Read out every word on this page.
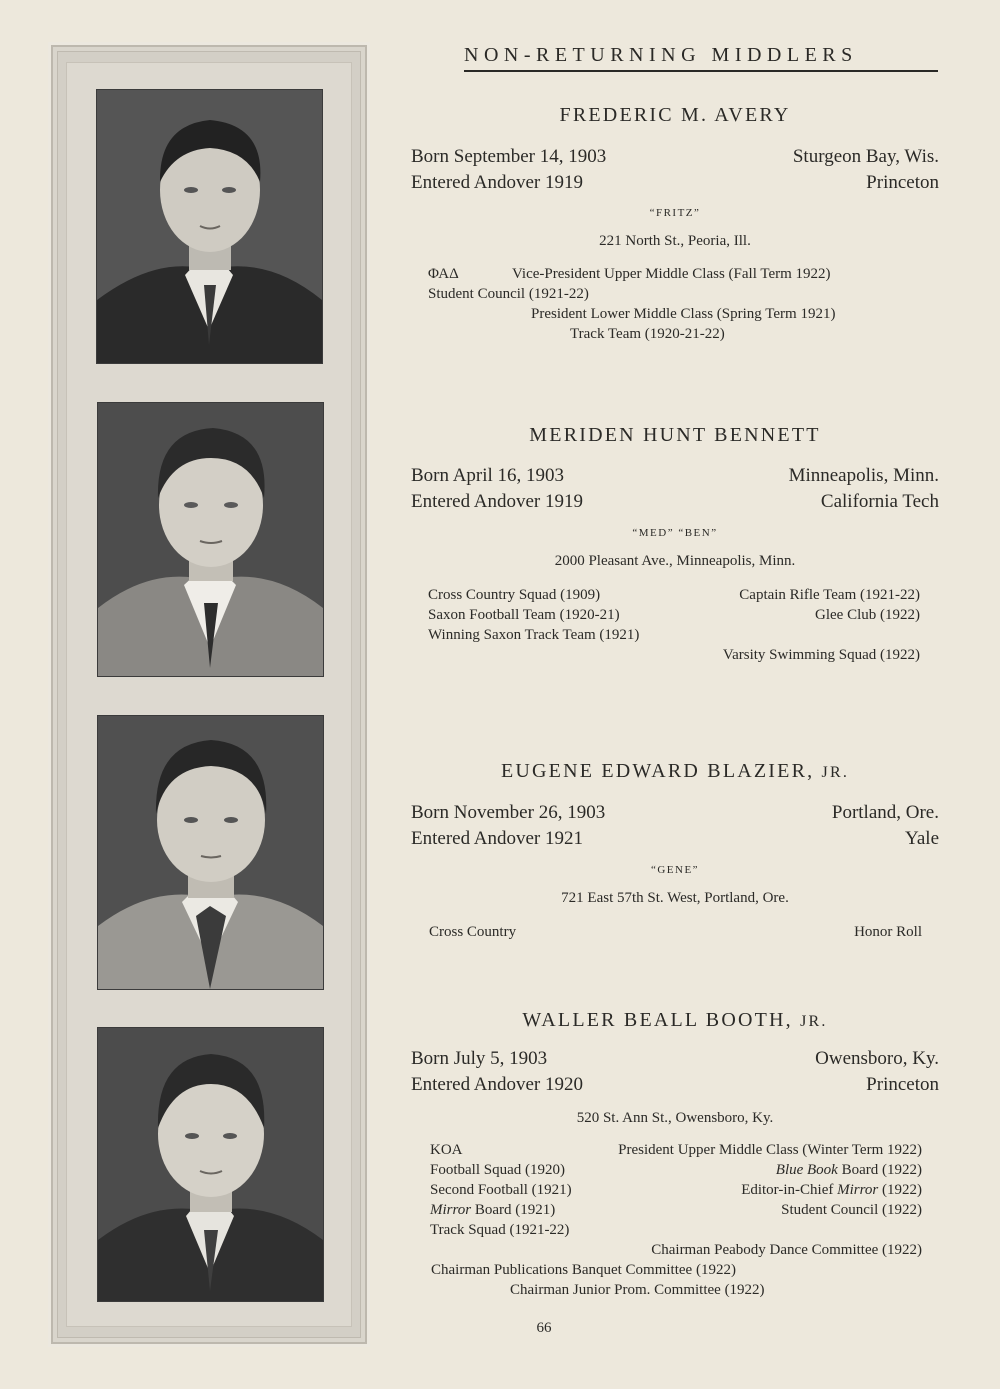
NON-RETURNING MIDDLERS
FREDERIC M. AVERY
Born September 14, 1903	Sturgeon Bay, Wis.
Entered Andover 1919	Princeton
“FRITZ”
221 North St., Peoria, Ill.
ΦΑΔ	Vice-President Upper Middle Class (Fall Term 1922)
Student Council (1921-22)
President Lower Middle Class (Spring Term 1921)
Track Team (1920-21-22)
MERIDEN HUNT BENNETT
Born April 16, 1903	Minneapolis, Minn.
Entered Andover 1919	California Tech
“MED” “BEN”
2000 Pleasant Ave., Minneapolis, Minn.
Cross Country Squad (1909)	Captain Rifle Team (1921-22)
Saxon Football Team (1920-21)	Glee Club (1922)
Winning Saxon Track Team (1921)
Varsity Swimming Squad (1922)
EUGENE EDWARD BLAZIER, JR.
Born November 26, 1903	Portland, Ore.
Entered Andover 1921	Yale
“GENE”
721 East 57th St. West, Portland, Ore.
Cross Country	Honor Roll
WALLER BEALL BOOTH, JR.
Born July 5, 1903	Owensboro, Ky.
Entered Andover 1920	Princeton
520 St. Ann St., Owensboro, Ky.
KOA	President Upper Middle Class (Winter Term 1922)
Football Squad (1920)	Blue Book Board (1922)
Second Football (1921)	Editor-in-Chief Mirror (1922)
Mirror Board (1921)	Student Council (1922)
Track Squad (1921-22)
Chairman Peabody Dance Committee (1922)
Chairman Publications Banquet Committee (1922)
Chairman Junior Prom. Committee (1922)
66
